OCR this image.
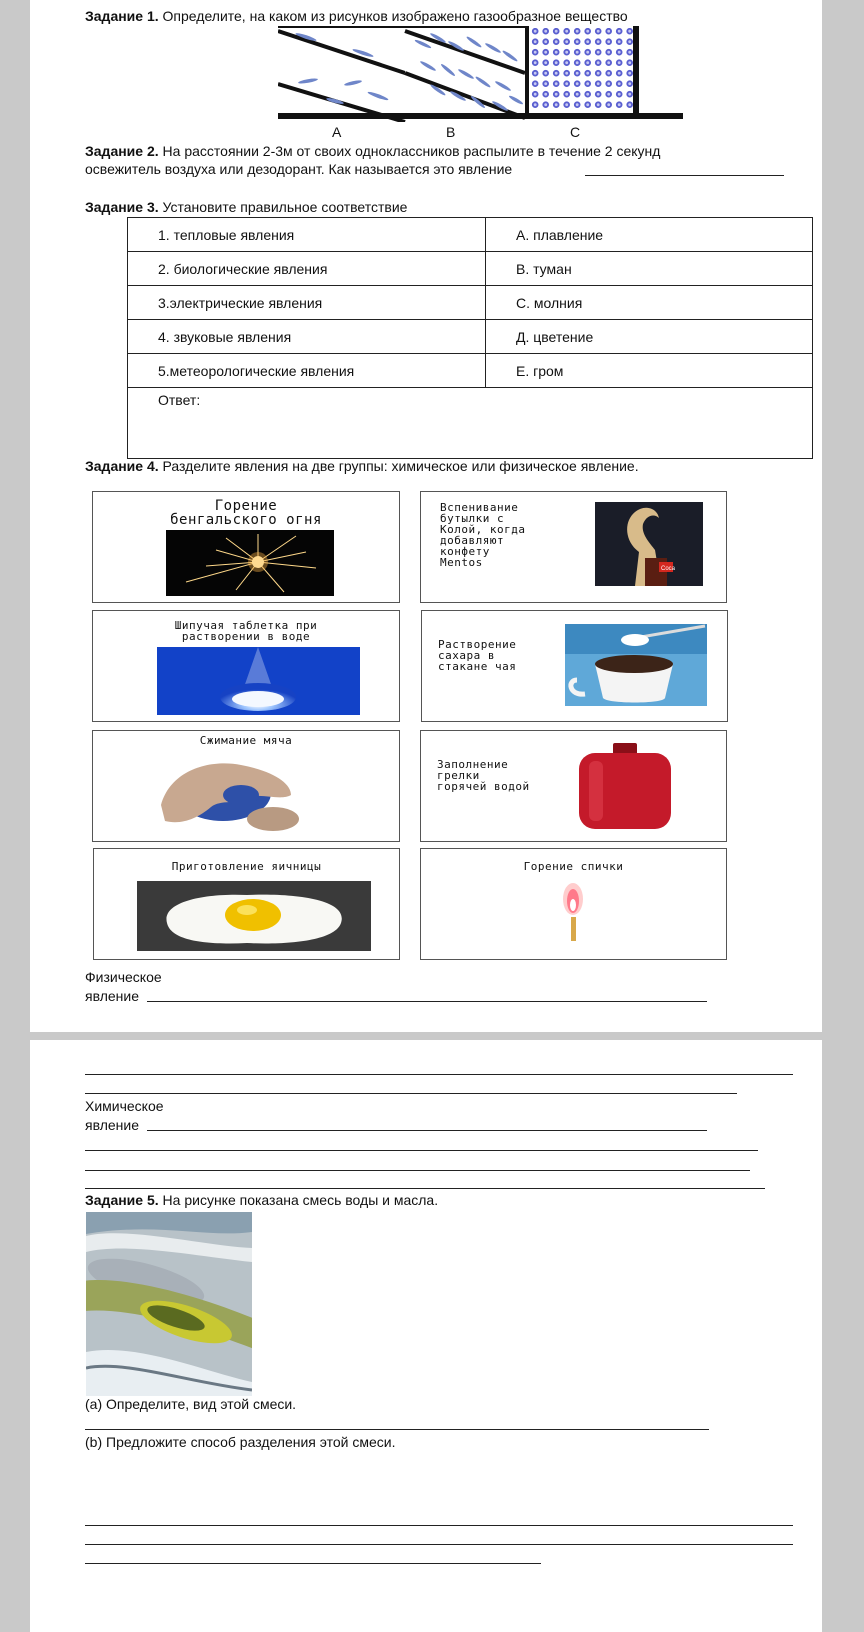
Задание 1. Определите, на каком из рисунков изображено газообразное вещество
A	B	C
Задание 2. На расстоянии 2-3м от своих одноклассников распылите в течение 2 секунд
освежитель воздуха или дезодорант. Как называется это явление
Задание 3. Установите правильное соответствие
1. тепловые явления	A. плавление
2. биологические явления	B. туман
3.электрические явления	C. молния
4. звуковые явления	Д. цветение
5.метеорологические явления	E. гром
Ответ:	
Задание 4. Разделите явления на две группы: химическое или физическое явление.
Горение
бенгальского огня
Вспенивание
бутылки с
Колой, когда
добавляют
конфету
Mentos	Coca
Шипучая таблетка при
растворении в воде
Растворение
сахара в
стакане чая
Сжимание мяча
Заполнение
грелки
горячей водой
Приготовление яичницы	Горение спички
Физическое
явление
Химическое
явление
Задание 5. На рисунке показана смесь воды и масла.
(a) Определите, вид этой смеси.
(b) Предложите способ разделения этой смеси.
